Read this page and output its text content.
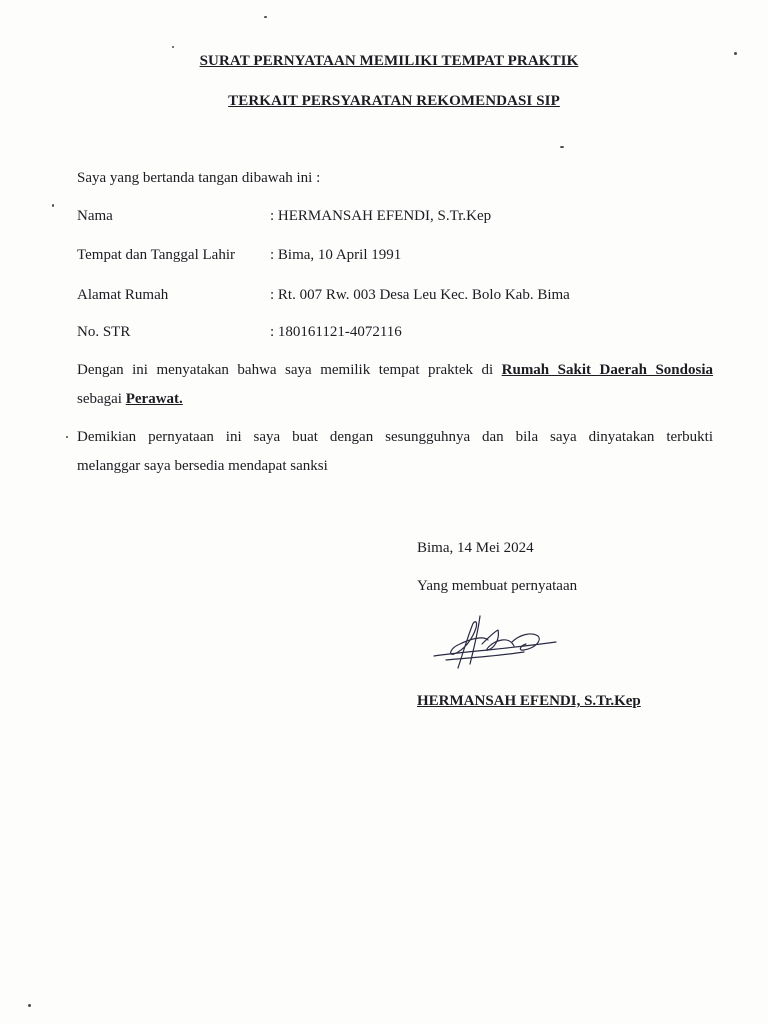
SURAT PERNYATAAN MEMILIKI TEMPAT PRAKTIK
TERKAIT PERSYARATAN REKOMENDASI SIP
Saya yang bertanda tangan dibawah ini :
Nama	: HERMANSAH EFENDI, S.Tr.Kep
Tempat dan Tanggal Lahir : Bima, 10 April 1991
Alamat Rumah	: Rt. 007 Rw. 003 Desa Leu Kec. Bolo Kab. Bima
No. STR	: 180161121-4072116
Dengan ini menyatakan bahwa saya memilik tempat praktek di Rumah Sakit Daerah Sondosia
sebagai Perawat.
Demikian pernyataan ini saya buat dengan sesungguhnya dan bila saya dinyatakan terbukti
melanggar saya bersedia mendapat sanksi
Bima, 14 Mei 2024
Yang membuat pernyataan
HERMANSAH EFENDI, S.Tr.Kep
